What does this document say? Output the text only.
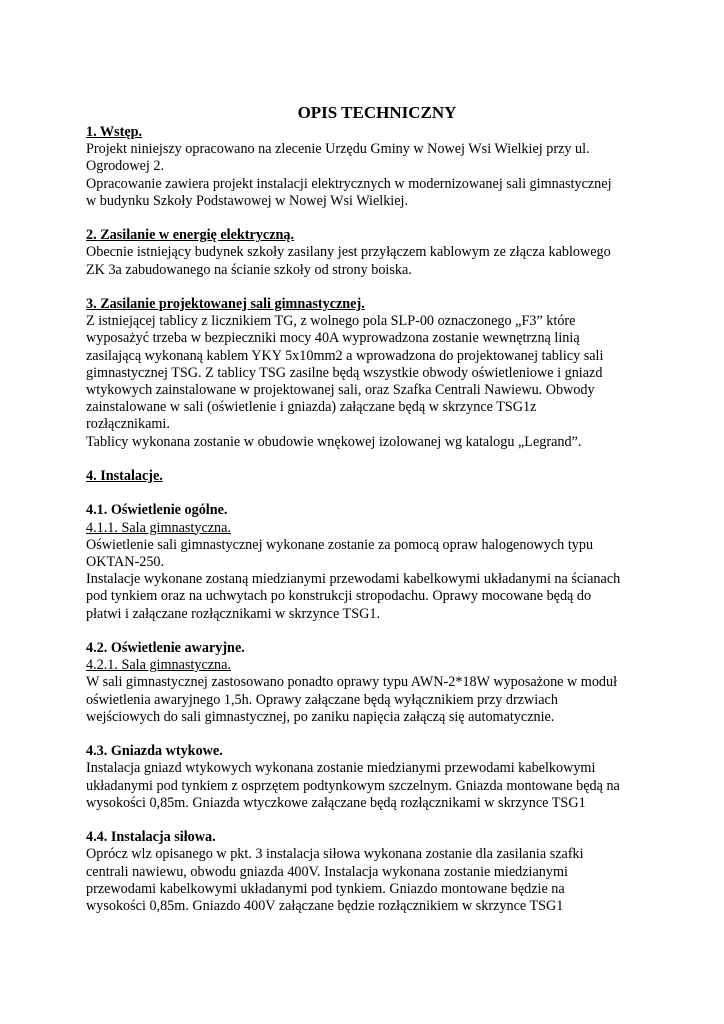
OPIS TECHNICZNY
1. Wstęp.
Projekt niniejszy opracowano na zlecenie Urzędu Gminy w Nowej Wsi Wielkiej przy ul.
Ogrodowej 2.
Opracowanie zawiera projekt instalacji elektrycznych w modernizowanej sali gimnastycznej
w budynku Szkoły Podstawowej w Nowej Wsi Wielkiej.
2. Zasilanie w energię elektryczną.
Obecnie istniejący budynek szkoły zasilany jest przyłączem kablowym ze złącza kablowego
ZK 3a zabudowanego na ścianie szkoły od strony boiska.
3. Zasilanie projektowanej sali gimnastycznej.
Z istniejącej tablicy z licznikiem TG, z wolnego pola SLP-00 oznaczonego „F3” które
wyposażyć trzeba w bezpieczniki mocy 40A wyprowadzona zostanie wewnętrzną linią
zasilającą wykonaną kablem YKY 5x10mm2 a wprowadzona do projektowanej tablicy sali
gimnastycznej TSG. Z tablicy TSG zasilne będą wszystkie obwody oświetleniowe i gniazd
wtykowych zainstalowane w projektowanej sali, oraz Szafka Centrali Nawiewu. Obwody
zainstalowane w sali (oświetlenie i gniazda) załączane będą w skrzynce TSG1z
rozłącznikami.
Tablicy wykonana zostanie w obudowie wnękowej izolowanej wg katalogu „Legrand”.
4. Instalacje.
4.1. Oświetlenie ogólne.
4.1.1. Sala gimnastyczna.
Oświetlenie sali gimnastycznej wykonane zostanie za pomocą opraw halogenowych typu
OKTAN-250.
Instalacje wykonane zostaną miedzianymi przewodami kabelkowymi układanymi na ścianach
pod tynkiem oraz na uchwytach po konstrukcji stropodachu. Oprawy mocowane będą do
płatwi i załączane rozłącznikami w skrzynce TSG1.
4.2. Oświetlenie awaryjne.
4.2.1. Sala gimnastyczna.
W sali gimnastycznej zastosowano ponadto oprawy typu AWN-2*18W wyposażone w moduł
oświetlenia awaryjnego 1,5h. Oprawy załączane będą wyłącznikiem przy drzwiach
wejściowych do sali gimnastycznej, po zaniku napięcia załączą się automatycznie.
4.3. Gniazda wtykowe.
Instalacja gniazd wtykowych wykonana zostanie miedzianymi przewodami kabelkowymi
układanymi pod tynkiem z osprzętem podtynkowym szczelnym. Gniazda montowane będą na
wysokości 0,85m. Gniazda wtyczkowe załączane będą rozłącznikami w skrzynce TSG1
4.4. Instalacja siłowa.
Oprócz wlz opisanego w pkt. 3 instalacja siłowa wykonana zostanie dla zasilania szafki
centrali nawiewu, obwodu gniazda 400V. Instalacja wykonana zostanie miedzianymi
przewodami kabelkowymi układanymi pod tynkiem. Gniazdo montowane będzie na
wysokości 0,85m. Gniazdo 400V załączane będzie rozłącznikiem w skrzynce TSG1
